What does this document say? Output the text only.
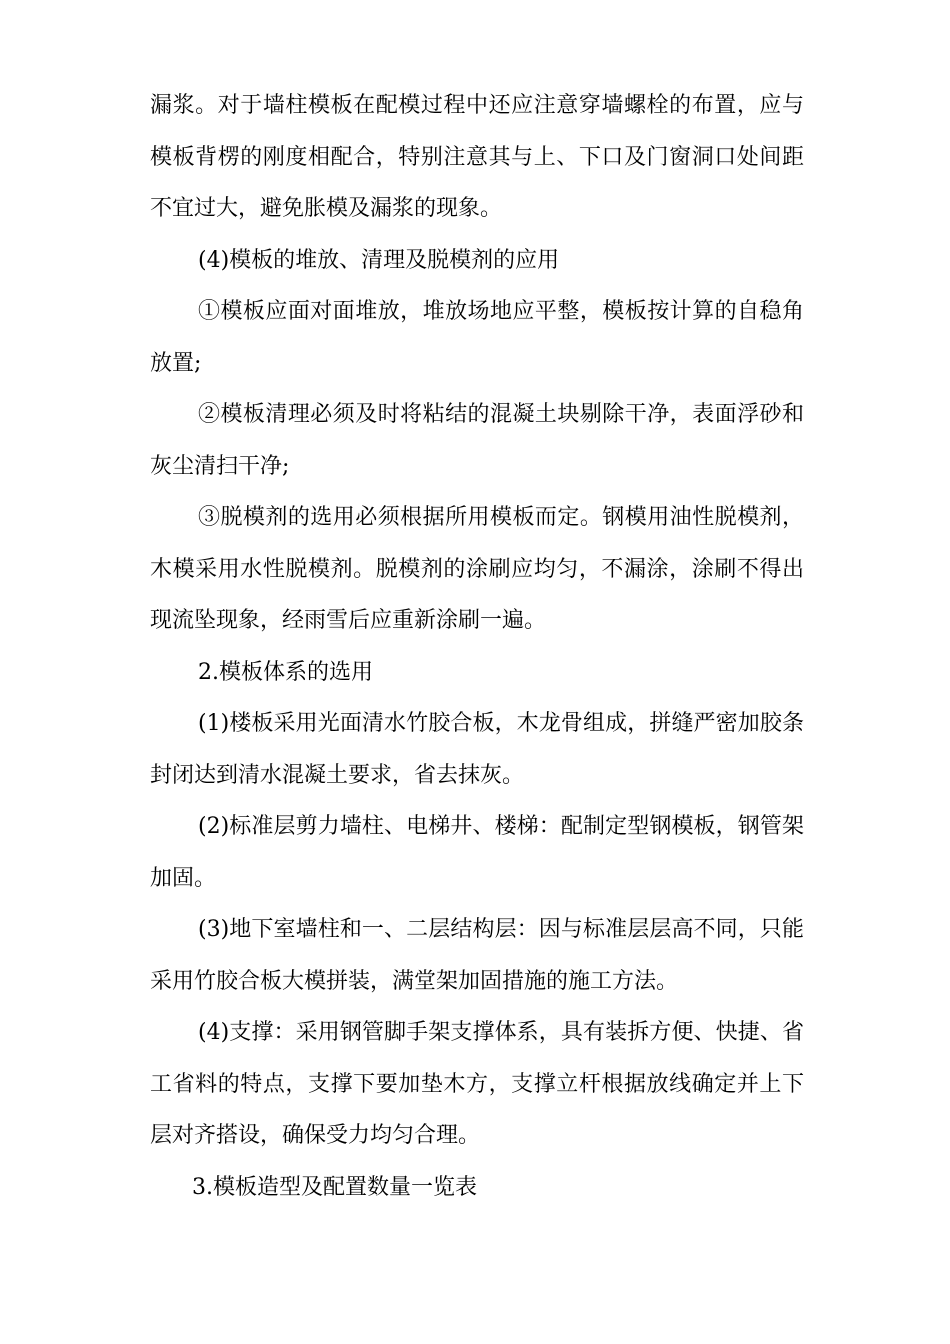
漏浆。对于墙柱模板在配模过程中还应注意穿墙螺栓的布置，应与
模板背楞的刚度相配合，特别注意其与上、下口及门窗洞口处间距
不宜过大，避免胀模及漏浆的现象。
(4)模板的堆放、清理及脱模剂的应用
①模板应面对面堆放，堆放场地应平整，模板按计算的自稳角
放置;
②模板清理必须及时将粘结的混凝土块剔除干净，表面浮砂和
灰尘清扫干净;
③脱模剂的选用必须根据所用模板而定。钢模用油性脱模剂，
木模采用水性脱模剂。脱模剂的涂刷应均匀，不漏涂，涂刷不得出
现流坠现象，经雨雪后应重新涂刷一遍。
2.模板体系的选用
(1)楼板采用光面清水竹胶合板，木龙骨组成，拼缝严密加胶条
封闭达到清水混凝土要求，省去抹灰。
(2)标准层剪力墙柱、电梯井、楼梯：配制定型钢模板，钢管架
加固。
(3)地下室墙柱和一、二层结构层：因与标准层层高不同，只能
采用竹胶合板大模拼装，满堂架加固措施的施工方法。
(4)支撑：采用钢管脚手架支撑体系，具有装拆方便、快捷、省
工省料的特点，支撑下要加垫木方，支撑立杆根据放线确定并上下
层对齐搭设，确保受力均匀合理。
3.模板造型及配置数量一览表
